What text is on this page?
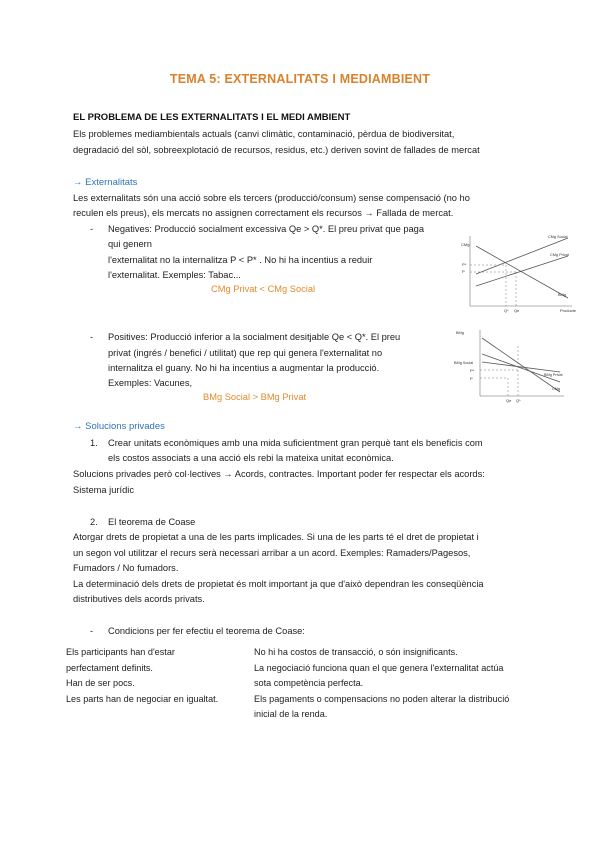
TEMA 5: EXTERNALITATS I MEDIAMBIENT
EL PROBLEMA DE LES EXTERNALITATS I EL MEDI AMBIENT
Els problemes mediambientals actuals (canvi climàtic, contaminació, pèrdua de biodiversitat,
degradació del sòl, sobreexplotació de recursos, residus, etc.) deriven sovint de fallades de mercat
→ Externalitats
Les externalitats són una acció sobre els tercers (producció/consum) sense compensació (no ho
reculen els preus), els mercats no assignen correctament els recursos → Fallada de mercat.
- Negatives: Producció socialment excessiva Qe > Q*. El preu privat que paga
qui genern
l'externalitat no la internalitza P < P* . No hi ha incentius a reduir
l'externalitat. Exemples: Tabac...
CMg Privat < CMg Social
CMg Social
CMg Privat
BMg
CMg
P*
P
Q* Qe	Producte
- Positives: Producció inferior a la socialment desitjable Qe < Q*. El preu
privat (ingrés / benefici / utilitat) que rep qui genera l'externalitat no
internalitza el guany. No hi ha incentius a augmentar la producció.
Exemples: Vacunes,
BMg Social > BMg Privat
BMg
BMg Social
BMg Privat
CMg
P*
P
Qe Q*
→ Solucions privades
1. Crear unitats econòmiques amb una mida suficientment gran perquè tant els beneficis com
els costos associats a una acció els rebi la mateixa unitat econòmica.
Solucions privades però col·lectives → Acords, contractes. Important poder fer respectar els acords:
Sistema jurídic
2. El teorema de Coase
Atorgar drets de propietat a una de les parts implicades. Si una de les parts té el dret de propietat i
un segon vol utilitzar el recurs serà necessari arribar a un acord. Exemples: Ramaders/Pagesos,
Fumadors / No fumadors.
La determinació dels drets de propietat és molt important ja que d'això dependran les conseqüència
distributives dels acords privats.
- Condicions per fer efectiu el teorema de Coase:
Els participants han d'estar
perfectament definits.
Han de ser pocs.
Les parts han de negociar en igualtat.
No hi ha costos de transacció, o són insignificants.
La negociació funciona quan el que genera l'externalitat actúa
sota competència perfecta.
Els pagaments o compensacions no poden alterar la distribució
inicial de la renda.
